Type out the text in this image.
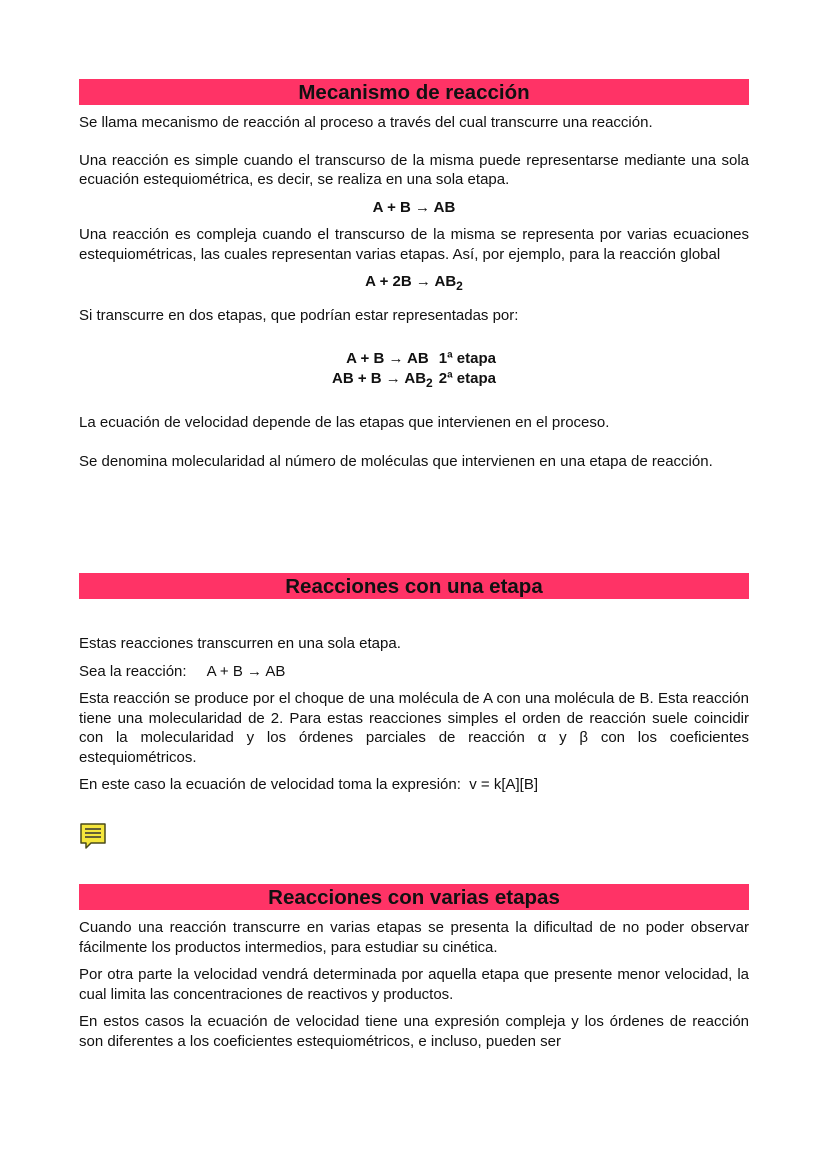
Mecanismo de reacción

Se llama mecanismo de reacción al proceso a través del cual transcurre una reacción.

Una reacción es simple cuando el transcurso de la misma puede representarse mediante una sola ecuación estequiométrica, es decir, se realiza en una sola etapa.

A + B → AB

Una reacción es compleja cuando el transcurso de la misma se representa por varias ecuaciones estequiométricas, las cuales representan varias etapas. Así, por ejemplo, para la reacción global

$A + 2B \to AB_2$

Si transcurre en dos etapas, que podrían estar representadas por:

A + B → AB	1ª etapa
AB + $B \to AB_2$	2ª etapa

La ecuación de velocidad depende de las etapas que intervienen en el proceso.

Se denomina molecularidad al número de moléculas que intervienen en una etapa de reacción.

Reacciones con una etapa

Estas reacciones transcurren en una sola etapa.

Sea la reacción: A + B → AB

Esta reacción se produce por el choque de una molécula de A con una molécula de B. Esta reacción tiene una molecularidad de 2. Para estas reacciones simples el orden de reacción suele coincidir con la molecularidad y los órdenes parciales de reacción α y β con los coeficientes estequiométricos.

En este caso la ecuación de velocidad toma la expresión: v = k[A][B]

Reacciones con varias etapas

Cuando una reacción transcurre en varias etapas se presenta la dificultad de no poder observar fácilmente los productos intermedios, para estudiar su cinética.

Por otra parte la velocidad vendrá determinada por aquella etapa que presente menor velocidad, la cual limita las concentraciones de reactivos y productos.

En estos casos la ecuación de velocidad tiene una expresión compleja y los órdenes de reacción son diferentes a los coeficientes estequiométricos, e incluso, pueden ser
